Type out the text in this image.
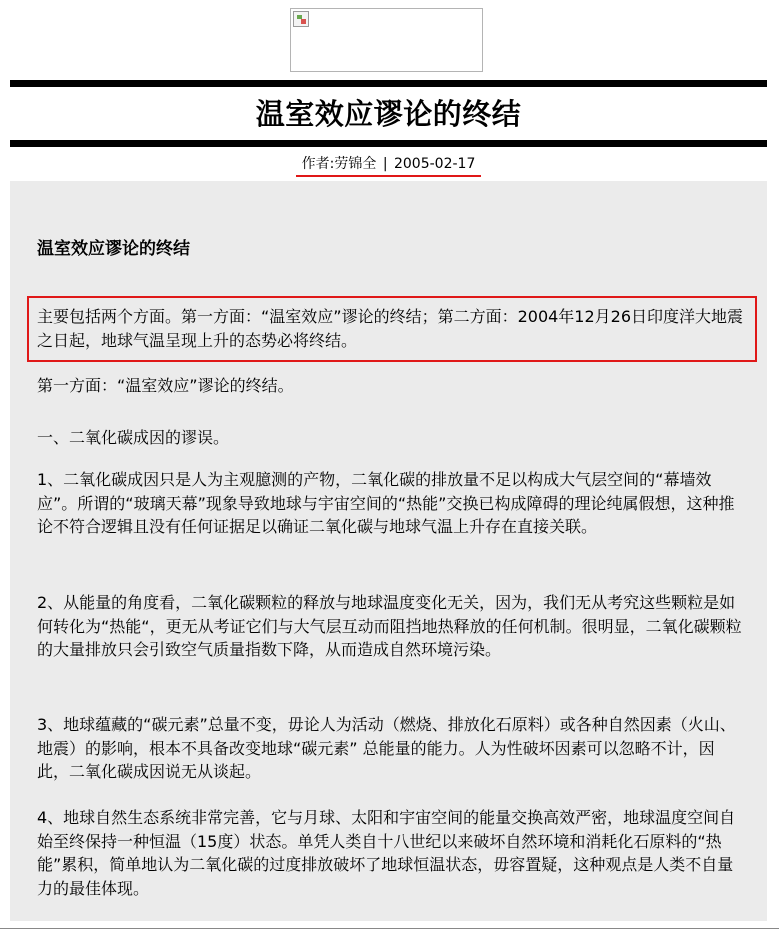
温室效应谬论的终结
作者:劳锦全 | 2005-02-17
温室效应谬论的终结

主要包括两个方面。第一方面：“温室效应”谬论的终结；第二方面：2004年12月26日印度洋大地震之日起，地球气温呈现上升的态势必将终结。

第一方面：“温室效应”谬论的终结。

一、二氧化碳成因的谬误。

1、二氧化碳成因只是人为主观臆测的产物，二氧化碳的排放量不足以构成大气层空间的“幕墙效应”。所谓的“玻璃天幕”现象导致地球与宇宙空间的“热能”交换已构成障碍的理论纯属假想，这种推论不符合逻辑且没有任何证据足以确证二氧化碳与地球气温上升存在直接关联。

2、从能量的角度看，二氧化碳颗粒的释放与地球温度变化无关，因为，我们无从考究这些颗粒是如何转化为“热能“，更无从考证它们与大气层互动而阻挡地热释放的任何机制。很明显，二氧化碳颗粒的大量排放只会引致空气质量指数下降，从而造成自然环境污染。

3、地球蕴藏的“碳元素”总量不变，毋论人为活动（燃烧、排放化石原料）或各种自然因素（火山、地震）的影响，根本不具备改变地球“碳元素” 总能量的能力。人为性破坏因素可以忽略不计，因此，二氧化碳成因说无从谈起。

4、地球自然生态系统非常完善，它与月球、太阳和宇宙空间的能量交换高效严密，地球温度空间自始至终保持一种恒温（15度）状态。单凭人类自十八世纪以来破坏自然环境和消耗化石原料的“热能”累积，简单地认为二氧化碳的过度排放破坏了地球恒温状态，毋容置疑，这种观点是人类不自量力的最佳体现。
